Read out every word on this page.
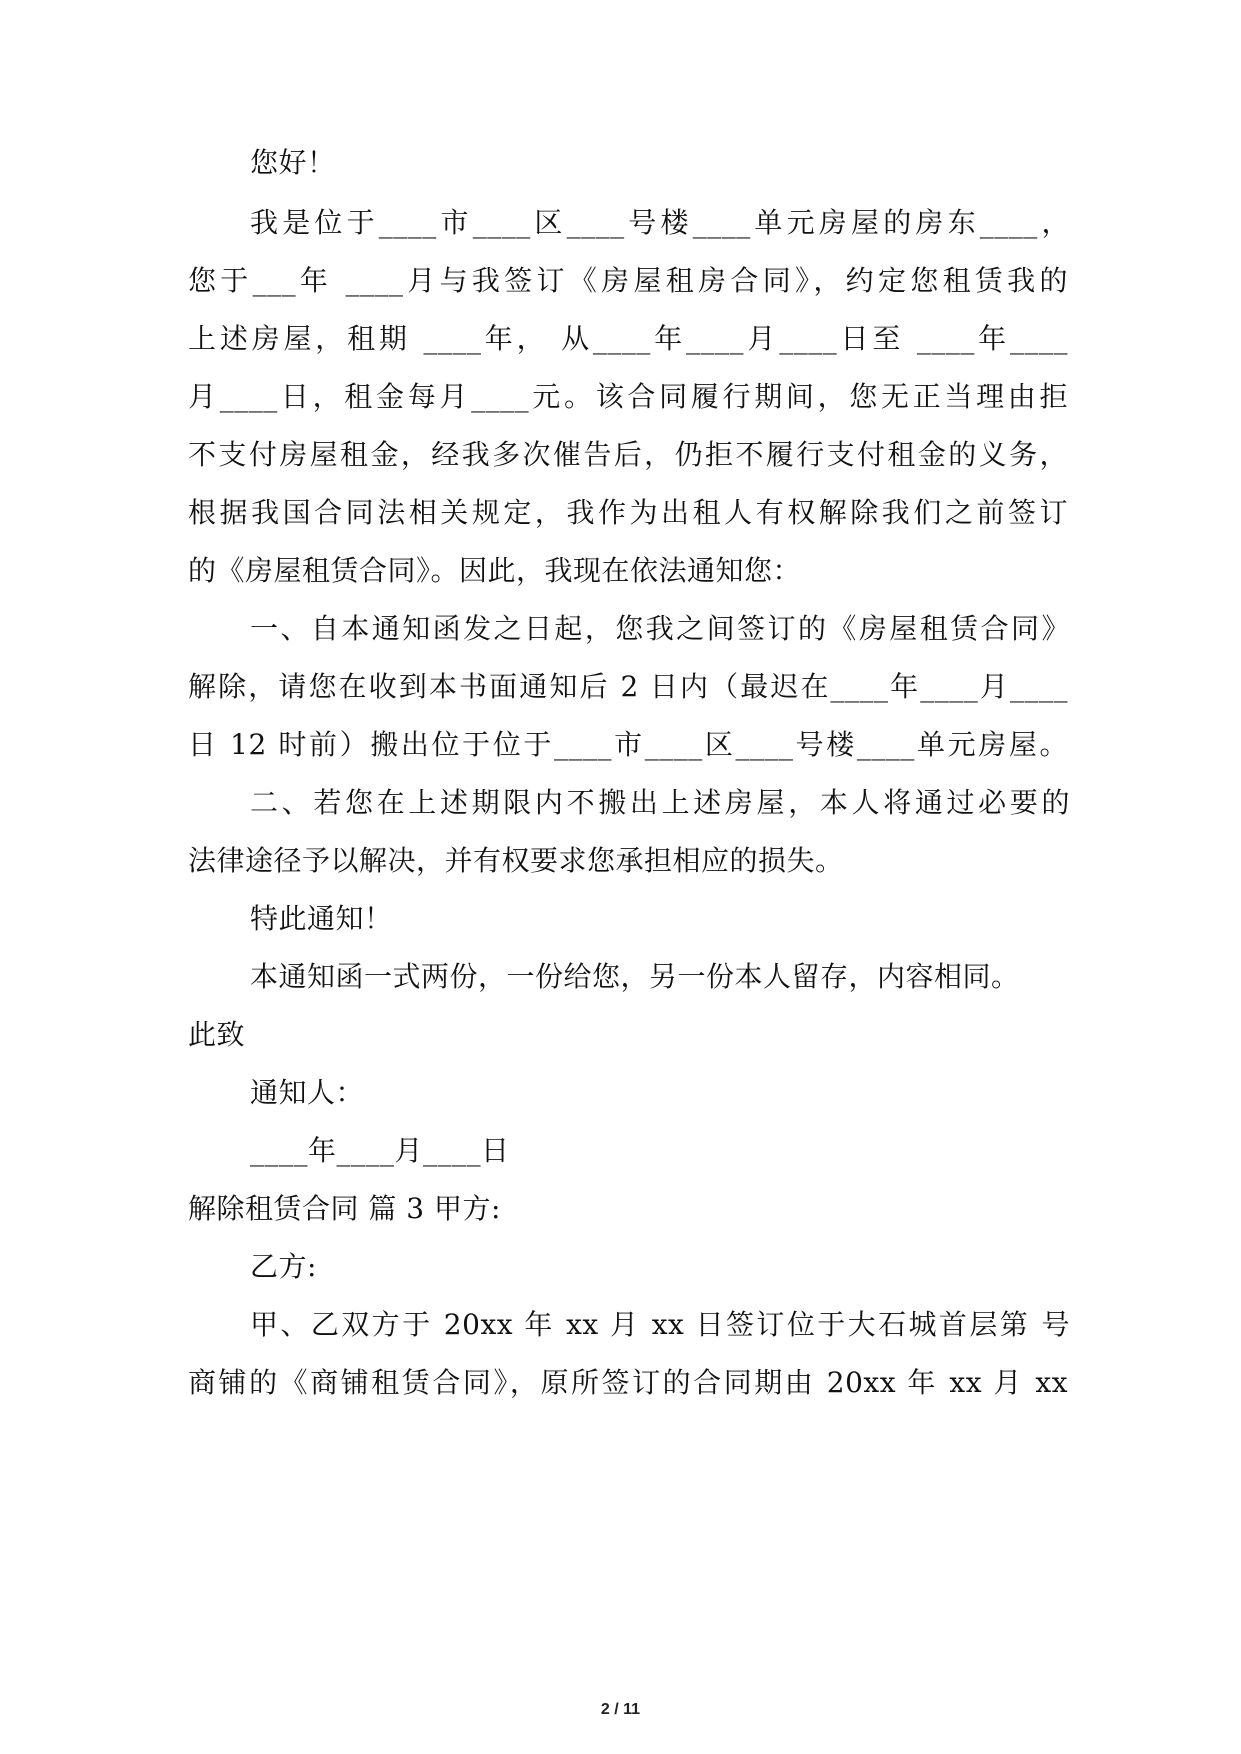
您好！
我是位于____市____区____号楼____单元房屋的房东____，
您于___年 ____月与我签订《房屋租房合同》，约定您租赁我的
上述房屋，租期 ____年， 从____年____月____日至 ____年____
月____日，租金每月____元。该合同履行期间，您无正当理由拒
不支付房屋租金，经我多次催告后，仍拒不履行支付租金的义务，
根据我国合同法相关规定，我作为出租人有权解除我们之前签订
的《房屋租赁合同》。因此，我现在依法通知您：
一、自本通知函发之日起，您我之间签订的《房屋租赁合同》
解除，请您在收到本书面通知后 2 日内（最迟在____年____月____
日 12 时前）搬出位于位于____市____区____号楼____单元房屋。
二、若您在上述期限内不搬出上述房屋，本人将通过必要的
法律途径予以解决，并有权要求您承担相应的损失。
特此通知！
本通知函一式两份，一份给您，另一份本人留存，内容相同。
此致
通知人：
____年____月____日
解除租赁合同 篇 3 甲方:
乙方:
甲、乙双方于 20xx 年 xx 月 xx 日签订位于大石城首层第 号
商铺的《商铺租赁合同》，原所签订的合同期由 20xx 年 xx 月 xx
2 / 11
